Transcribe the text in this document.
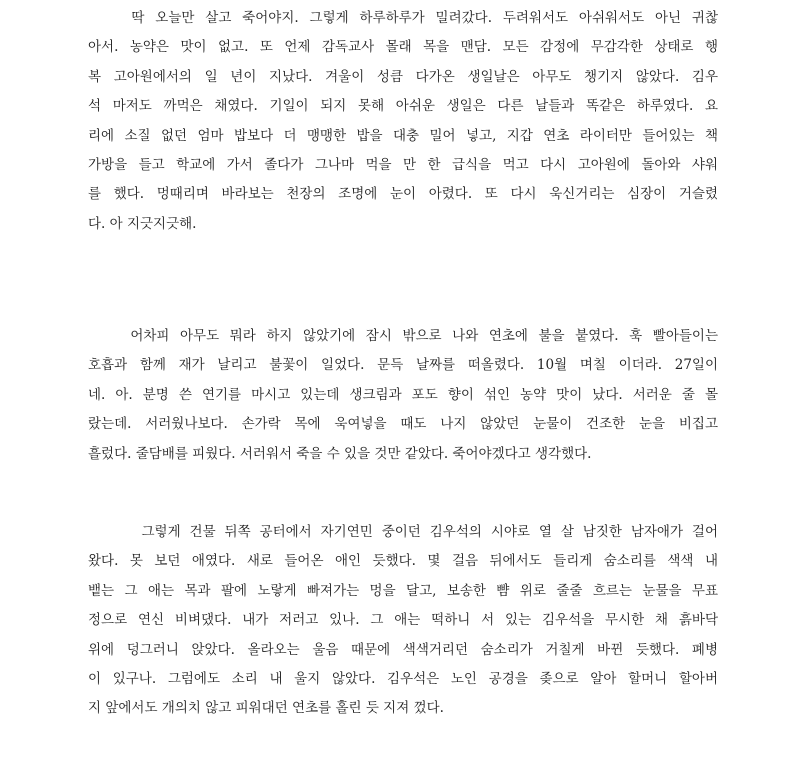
딱 오늘만 살고 죽어야지. 그렇게 하루하루가 밀려갔다. 두려워서도 아쉬워서도 아닌 귀찮
아서. 농약은 맛이 없고. 또 언제 감독교사 몰래 목을 맨담. 모든 감정에 무감각한 상태로 행
복 고아원에서의 일 년이 지났다. 겨울이 성큼 다가온 생일날은 아무도 챙기지 않았다. 김우
석 마저도 까먹은 채였다. 기일이 되지 못해 아쉬운 생일은 다른 날들과 똑같은 하루였다. 요
리에 소질 없던 엄마 밥보다 더 맹맹한 밥을 대충 밀어 넣고, 지갑 연초 라이터만 들어있는 책
가방을 들고 학교에 가서 졸다가 그나마 먹을 만 한 급식을 먹고 다시 고아원에 돌아와 샤워
를 했다. 멍때리며 바라보는 천장의 조명에 눈이 아렸다. 또 다시 욱신거리는 심장이 거슬렸
다. 아 지긋지긋해.
어차피 아무도 뭐라 하지 않았기에 잠시 밖으로 나와 연초에 불을 붙였다. 훅 빨아들이는
호흡과 함께 재가 날리고 불꽃이 일었다. 문득 날짜를 떠올렸다. 10월 며칠 이더라. 27일이
네. 아. 분명 쓴 연기를 마시고 있는데 생크림과 포도 향이 섞인 농약 맛이 났다. 서러운 줄 몰
랐는데. 서러웠나보다. 손가락 목에 욱여넣을 때도 나지 않았던 눈물이 건조한 눈을 비집고
흘렀다. 줄담배를 피웠다. 서러워서 죽을 수 있을 것만 같았다. 죽어야겠다고 생각했다.
그렇게 건물 뒤쪽 공터에서 자기연민 중이던 김우석의 시야로 열 살 남짓한 남자애가 걸어
왔다. 못 보던 애였다. 새로 들어온 애인 듯했다. 몇 걸음 뒤에서도 들리게 숨소리를 색색 내
뱉는 그 애는 목과 팔에 노랗게 빠져가는 멍을 달고, 보송한 뺨 위로 줄줄 흐르는 눈물을 무표
정으로 연신 비벼댔다. 내가 저러고 있나. 그 애는 떡하니 서 있는 김우석을 무시한 채 흙바닥
위에 덩그러니 앉았다. 올라오는 울음 때문에 색색거리던 숨소리가 거칠게 바뀐 듯했다. 폐병
이 있구나. 그럼에도 소리 내 울지 않았다. 김우석은 노인 공경을 좆으로 알아 할머니 할아버
지 앞에서도 개의치 않고 피워대던 연초를 홀린 듯 지져 껐다.
